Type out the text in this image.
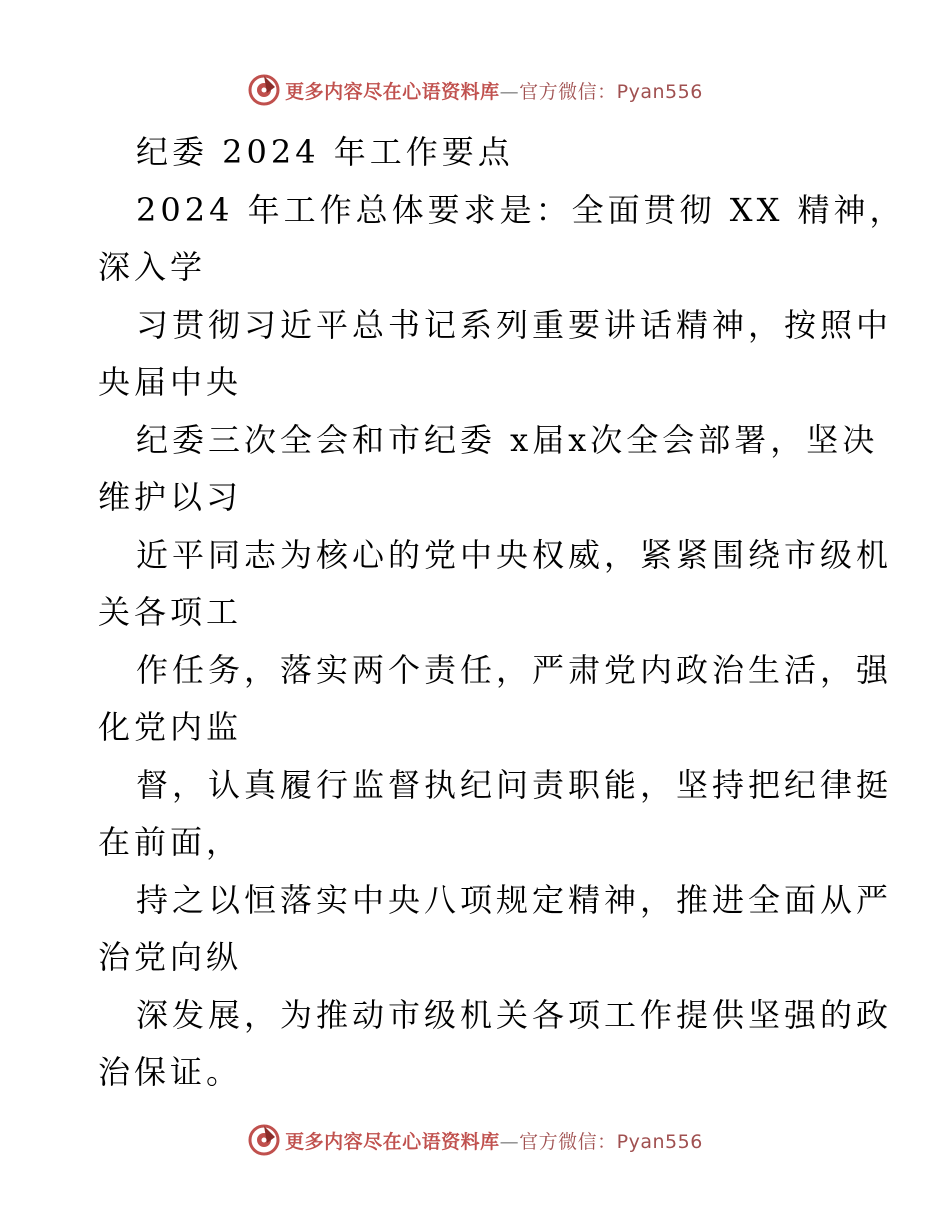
更多内容尽在心语资料库—官方微信：Pyan556
纪委 2024 年工作要点
2024 年工作总体要求是：全面贯彻 XX 精神，
深入学
习贯彻习近平总书记系列重要讲话精神，按照中
央届中央
纪委三次全会和市纪委 x届x次全会部署，坚决
维护以习
近平同志为核心的党中央权威，紧紧围绕市级机
关各项工
作任务，落实两个责任，严肃党内政治生活，强
化党内监
督，认真履行监督执纪问责职能，坚持把纪律挺
在前面，
持之以恒落实中央八项规定精神，推进全面从严
治党向纵
深发展，为推动市级机关各项工作提供坚强的政
治保证。
更多内容尽在心语资料库—官方微信：Pyan556
